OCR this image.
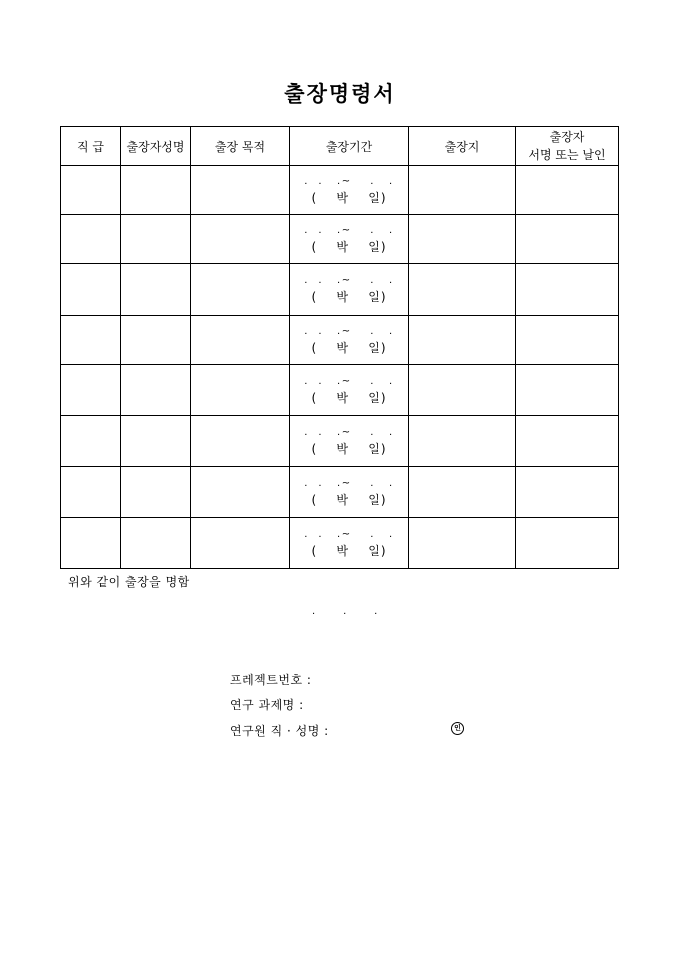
출장명령서
직 급	출장자성명	출장 목적	출장기간	출장지	출장자
서명 또는 날인

			.  .   .~    .   .
(    박    일)		

			.  .   .~    .   .
(    박    일)		

			.  .   .~    .   .
(    박    일)		

			.  .   .~    .   .
(    박    일)		

			.  .   .~    .   .
(    박    일)		

			.  .   .~    .   .
(    박    일)		

			.  .   .~    .   .
(    박    일)		

			.  .   .~    .   .
(    박    일)		

위와 같이 출장을 명함
.     .     .
프레젝트번호 :
연구 과제명 :
연구원 직 · 성명 :	인
